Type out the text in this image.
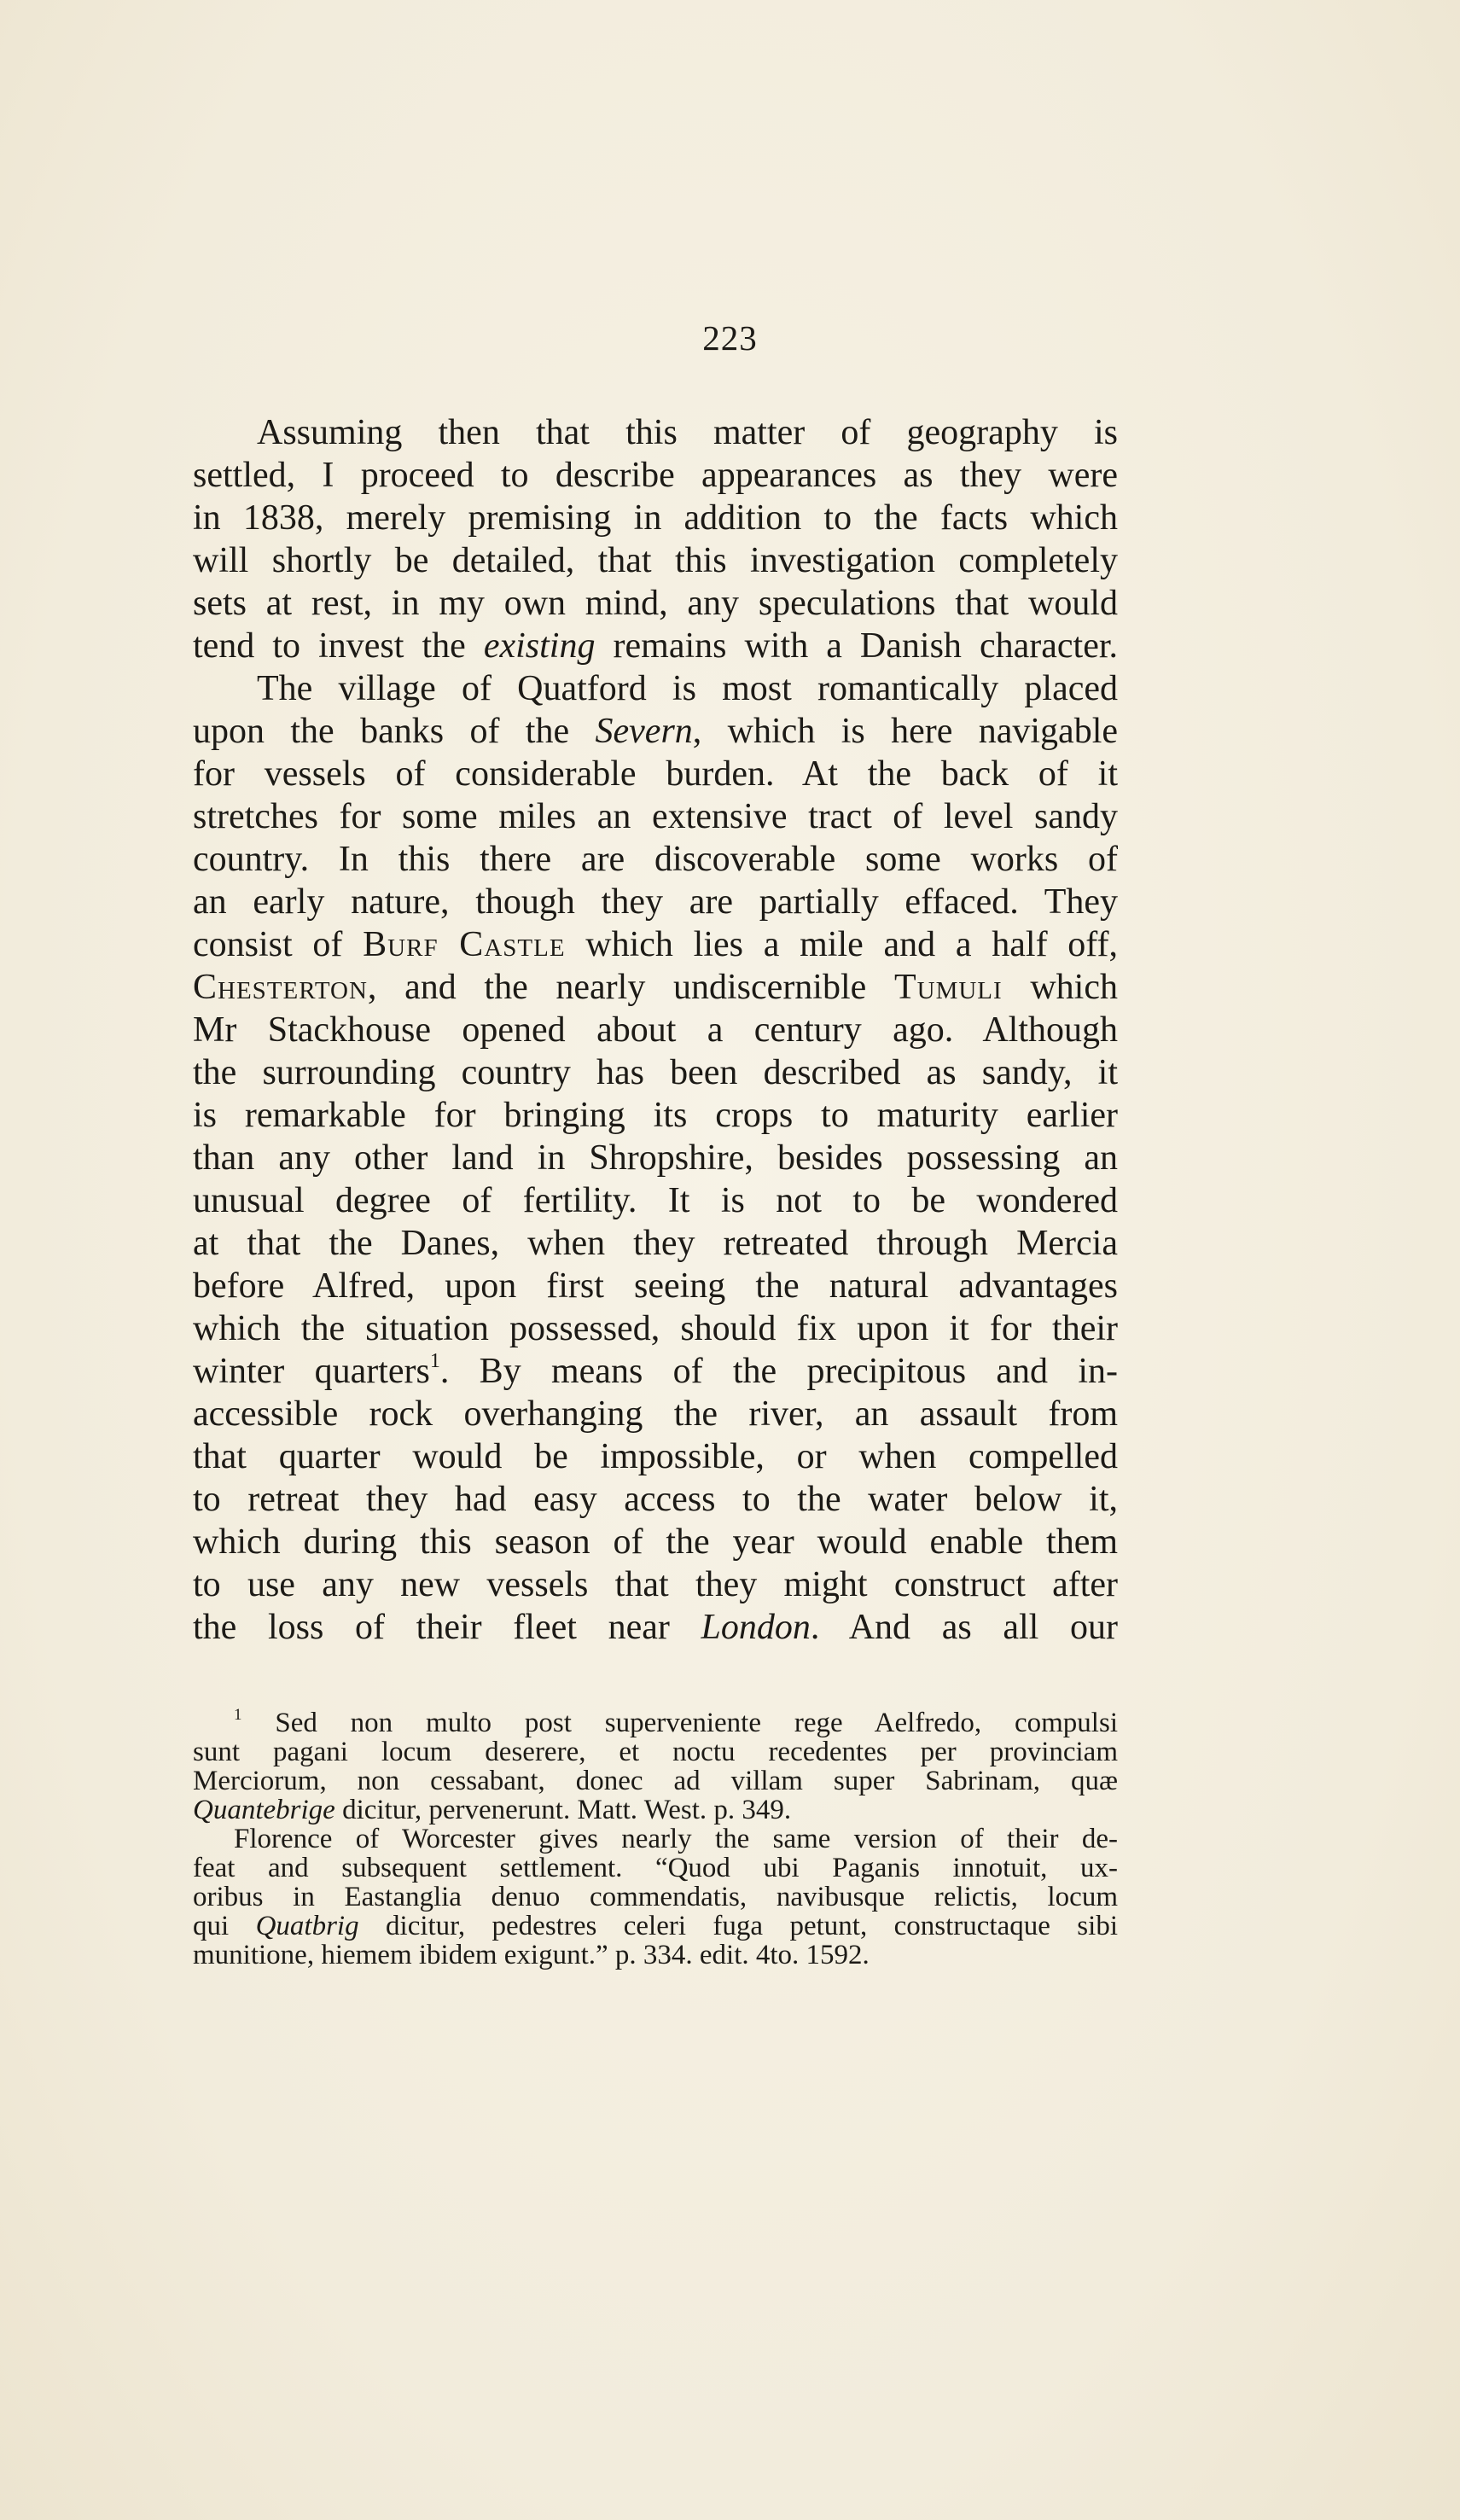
223
Assuming then that this matter of geography is
settled, I proceed to describe appearances as they were
in 1838, merely premising in addition to the facts which
will shortly be detailed, that this investigation completely
sets at rest, in my own mind, any speculations that would
tend to invest the existing remains with a Danish character.
The village of Quatford is most romantically placed
upon the banks of the Severn, which is here navigable
for vessels of considerable burden. At the back of it
stretches for some miles an extensive tract of level sandy
country. In this there are discoverable some works of
an early nature, though they are partially effaced. They
consist of Burf Castle which lies a mile and a half off,
Chesterton, and the nearly undiscernible Tumuli which
Mr Stackhouse opened about a century ago. Although
the surrounding country has been described as sandy, it
is remarkable for bringing its crops to maturity earlier
than any other land in Shropshire, besides possessing an
unusual degree of fertility. It is not to be wondered
at that the Danes, when they retreated through Mercia
before Alfred, upon first seeing the natural advantages
which the situation possessed, should fix upon it for their
winter quarters$^1$. By means of the precipitous and in-
accessible rock overhanging the river, an assault from
that quarter would be impossible, or when compelled
to retreat they had easy access to the water below it,
which during this season of the year would enable them
to use any new vessels that they might construct after
the loss of their fleet near London. And as all our
$^1$ Sed non multo post superveniente rege Aelfredo, compulsi
sunt pagani locum deserere, et noctu recedentes per provinciam
Merciorum, non cessabant, donec ad villam super Sabrinam, quæ
Quantebrige dicitur, pervenerunt. Matt. West. p. 349.
Florence of Worcester gives nearly the same version of their de-
feat and subsequent settlement. “Quod ubi Paganis innotuit, ux-
oribus in Eastanglia denuo commendatis, navibusque relictis, locum
qui Quatbrig dicitur, pedestres celeri fuga petunt, constructaque sibi
munitione, hiemem ibidem exigunt.” p. 334. edit. 4to. 1592.
